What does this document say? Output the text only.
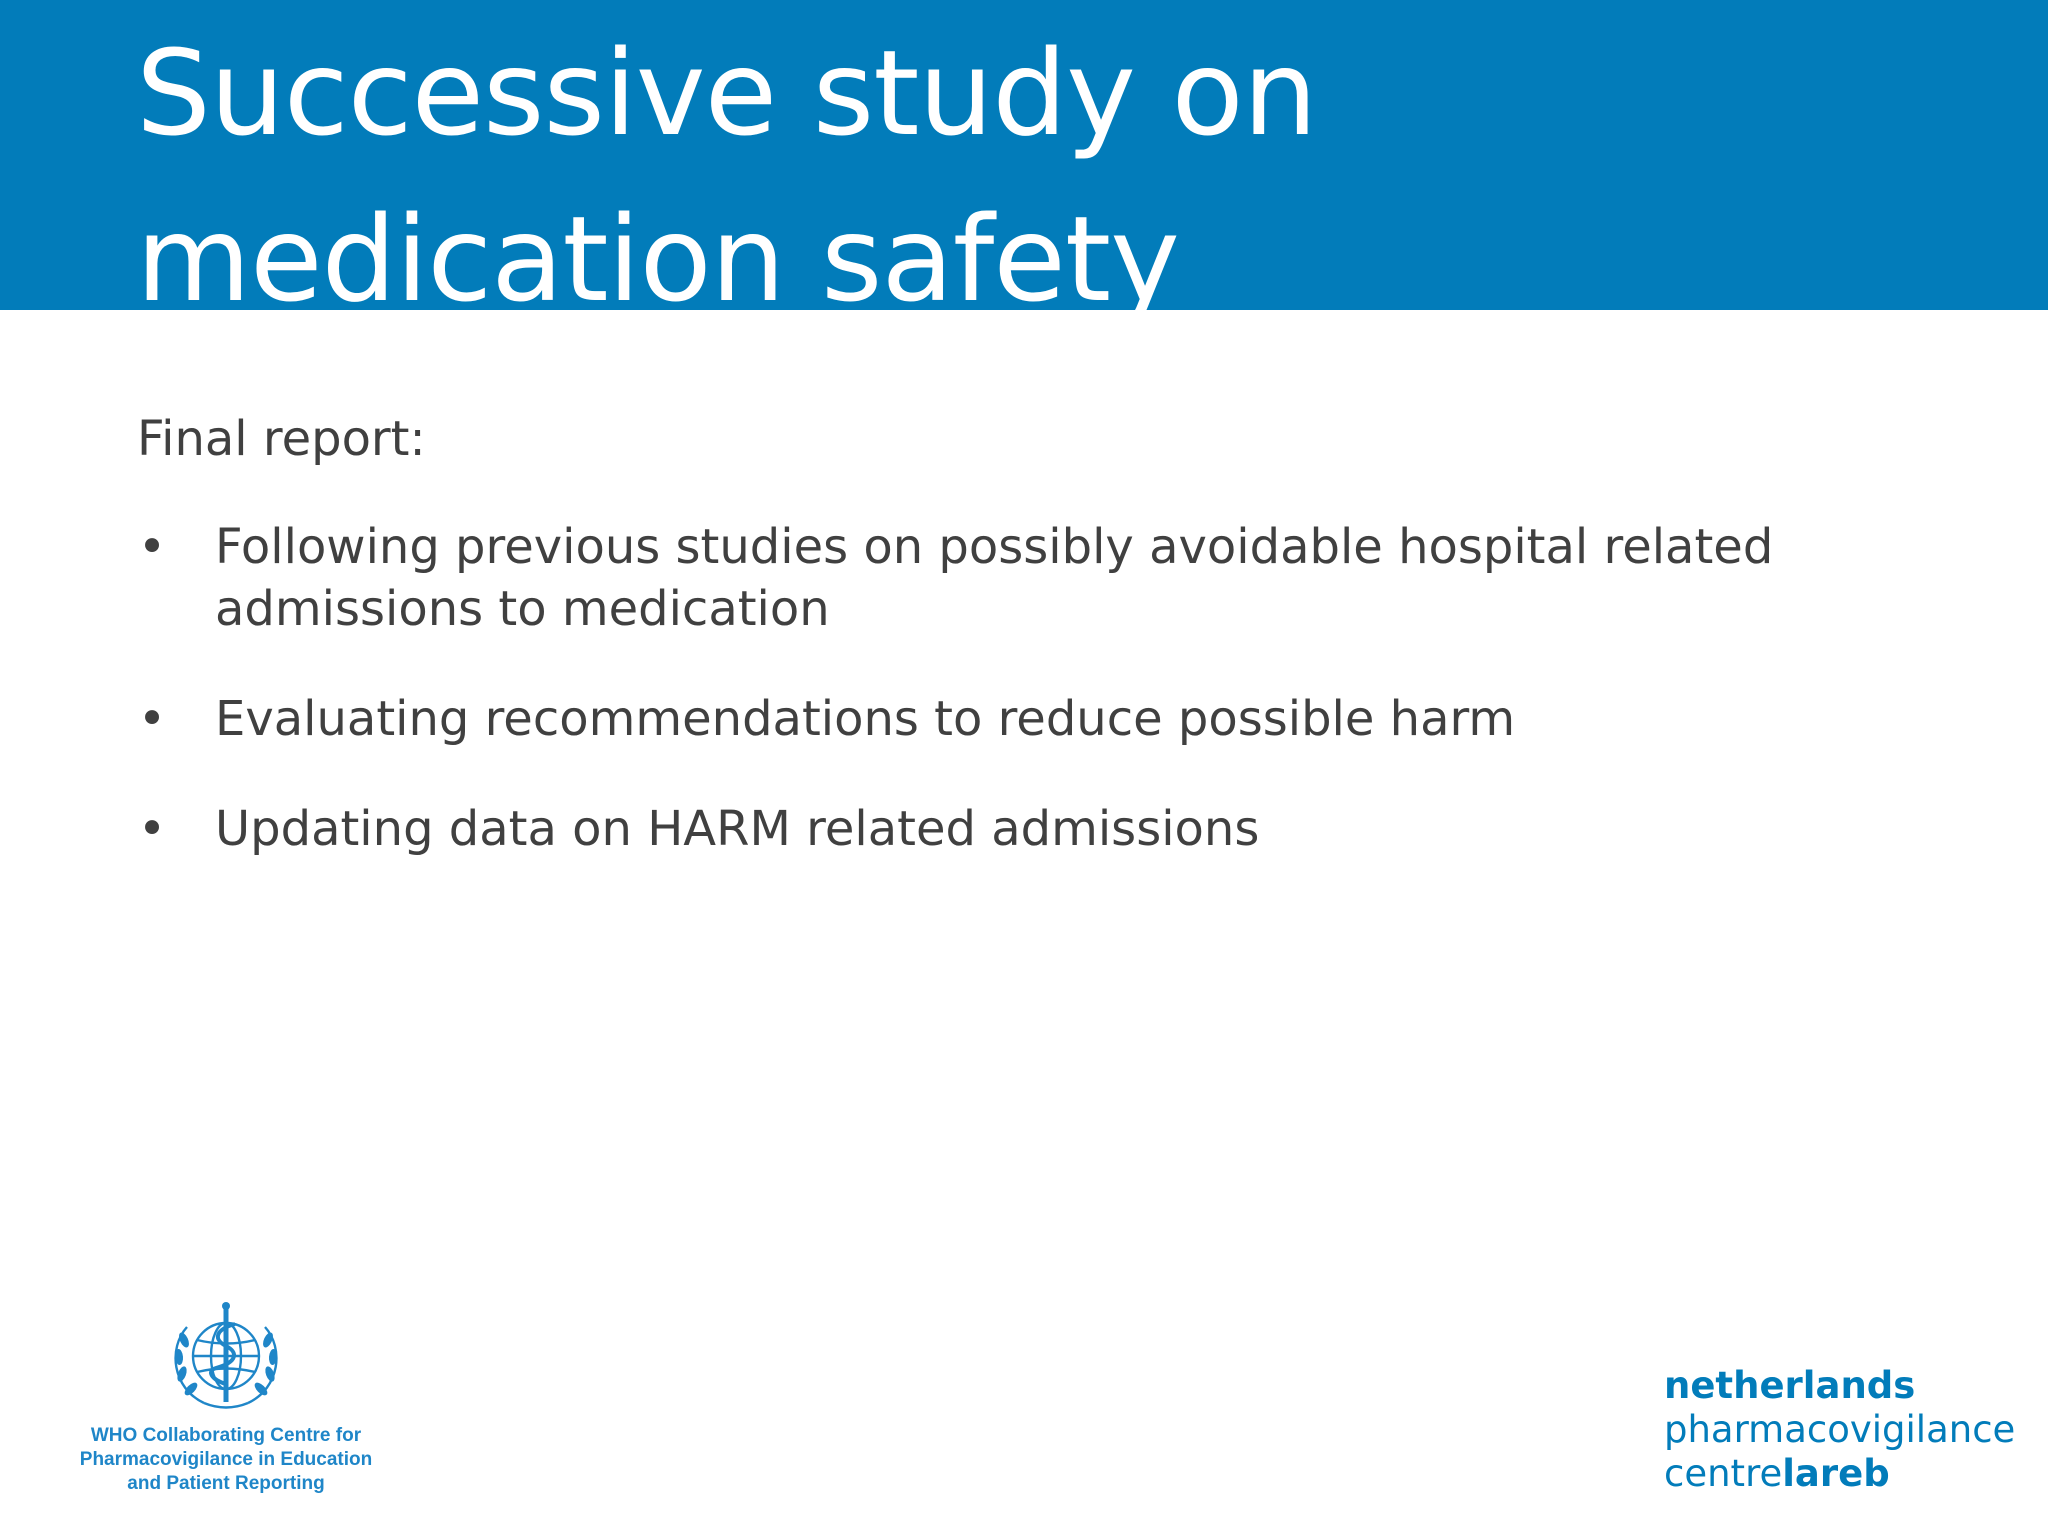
Successive study on medication safety

Final report:

• Following previous studies on possibly avoidable hospital related admissions to medication
• Evaluating recommendations to reduce possible harm
• Updating data on HARM related admissions
WHO Collaborating Centre for
Pharmacovigilance in Education
and Patient Reporting
netherlands
pharmacovigilance
centrelareb
